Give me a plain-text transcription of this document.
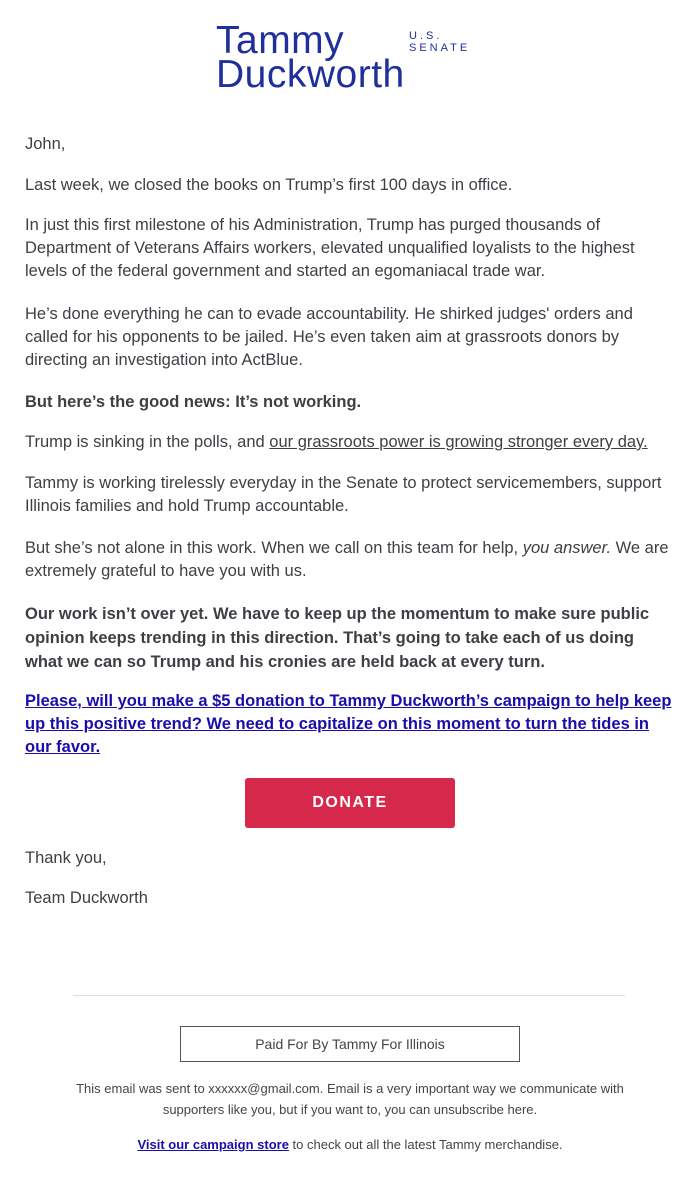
Tammy	U.S.
SENATE
Duckworth

John,

Last week, we closed the books on Trump’s first 100 days in office.

In just this first milestone of his Administration, Trump has purged thousands of Department of Veterans Affairs workers, elevated unqualified loyalists to the highest levels of the federal government and started an egomaniacal trade war.

He’s done everything he can to evade accountability. He shirked judges' orders and called for his opponents to be jailed. He’s even taken aim at grassroots donors by directing an investigation into ActBlue.

But here’s the good news: It’s not working.

Trump is sinking in the polls, and our grassroots power is growing stronger every day.

Tammy is working tirelessly everyday in the Senate to protect servicemembers, support Illinois families and hold Trump accountable.

But she’s not alone in this work. When we call on this team for help, you answer. We are extremely grateful to have you with us.

Our work isn’t over yet. We have to keep up the momentum to make sure public opinion keeps trending in this direction. That’s going to take each of us doing what we can so Trump and his cronies are held back at every turn.

Please, will you make a $5 donation to Tammy Duckworth’s campaign to help keep up this positive trend? We need to capitalize on this moment to turn the tides in our favor.

DONATE

Thank you,

Team Duckworth

Paid For By Tammy For Illinois

This email was sent to xxxxxx@gmail.com. Email is a very important way we communicate with supporters like you, but if you want to, you can unsubscribe here.

Visit our campaign store to check out all the latest Tammy merchandise.
